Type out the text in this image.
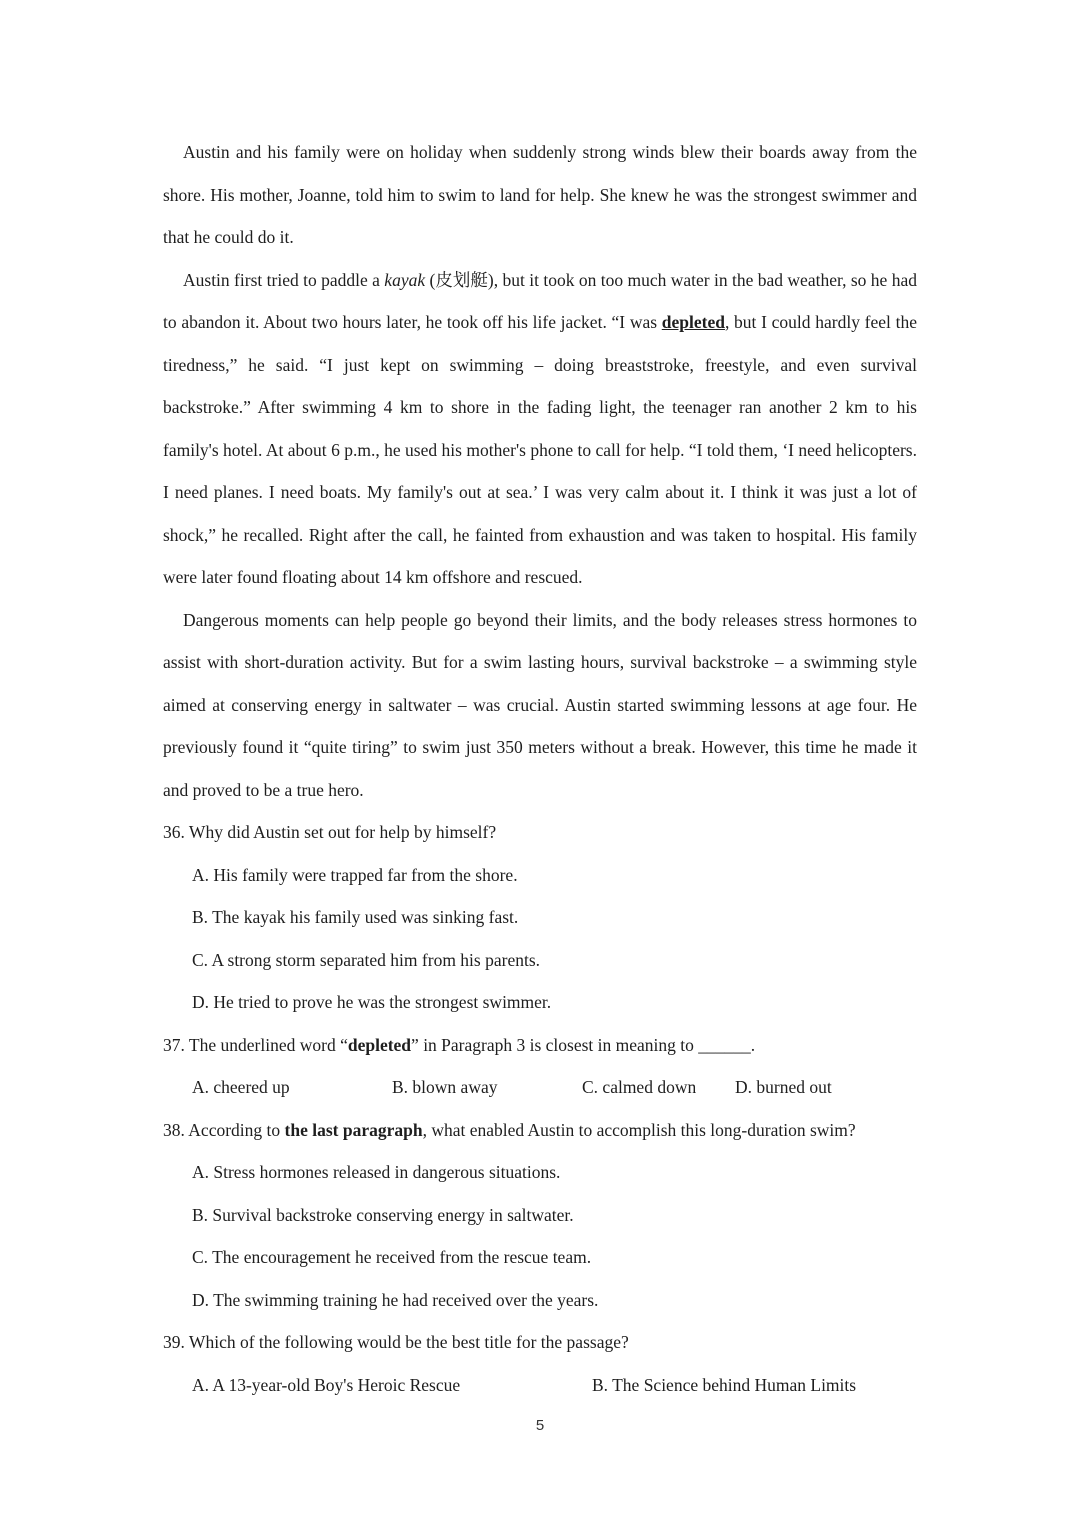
Austin and his family were on holiday when suddenly strong winds blew their boards away from the shore. His mother, Joanne, told him to swim to land for help. She knew he was the strongest swimmer and that he could do it.

Austin first tried to paddle a kayak (皮划艇), but it took on too much water in the bad weather, so he had to abandon it. About two hours later, he took off his life jacket. “I was depleted, but I could hardly feel the tiredness,” he said. “I just kept on swimming – doing breaststroke, freestyle, and even survival backstroke.” After swimming 4 km to shore in the fading light, the teenager ran another 2 km to his family's hotel. At about 6 p.m., he used his mother's phone to call for help. “I told them, ‘I need helicopters. I need planes. I need boats. My family's out at sea.’ I was very calm about it. I think it was just a lot of shock,” he recalled. Right after the call, he fainted from exhaustion and was taken to hospital. His family were later found floating about 14 km offshore and rescued.

Dangerous moments can help people go beyond their limits, and the body releases stress hormones to assist with short-duration activity. But for a swim lasting hours, survival backstroke – a swimming style aimed at conserving energy in saltwater – was crucial. Austin started swimming lessons at age four. He previously found it “quite tiring” to swim just 350 meters without a break. However, this time he made it and proved to be a true hero.

36. Why did Austin set out for help by himself?

A. His family were trapped far from the shore.

B. The kayak his family used was sinking fast.

C. A strong storm separated him from his parents.

D. He tried to prove he was the strongest swimmer.

37. The underlined word “depleted” in Paragraph 3 is closest in meaning to ______.

A. cheered up	B. blown away	C. calmed down D. burned out

38. According to the last paragraph, what enabled Austin to accomplish this long-duration swim?

A. Stress hormones released in dangerous situations.

B. Survival backstroke conserving energy in saltwater.

C. The encouragement he received from the rescue team.

D. The swimming training he had received over the years.

39. Which of the following would be the best title for the passage?

A. A 13-year-old Boy's Heroic Rescue	B. The Science behind Human Limits
5
